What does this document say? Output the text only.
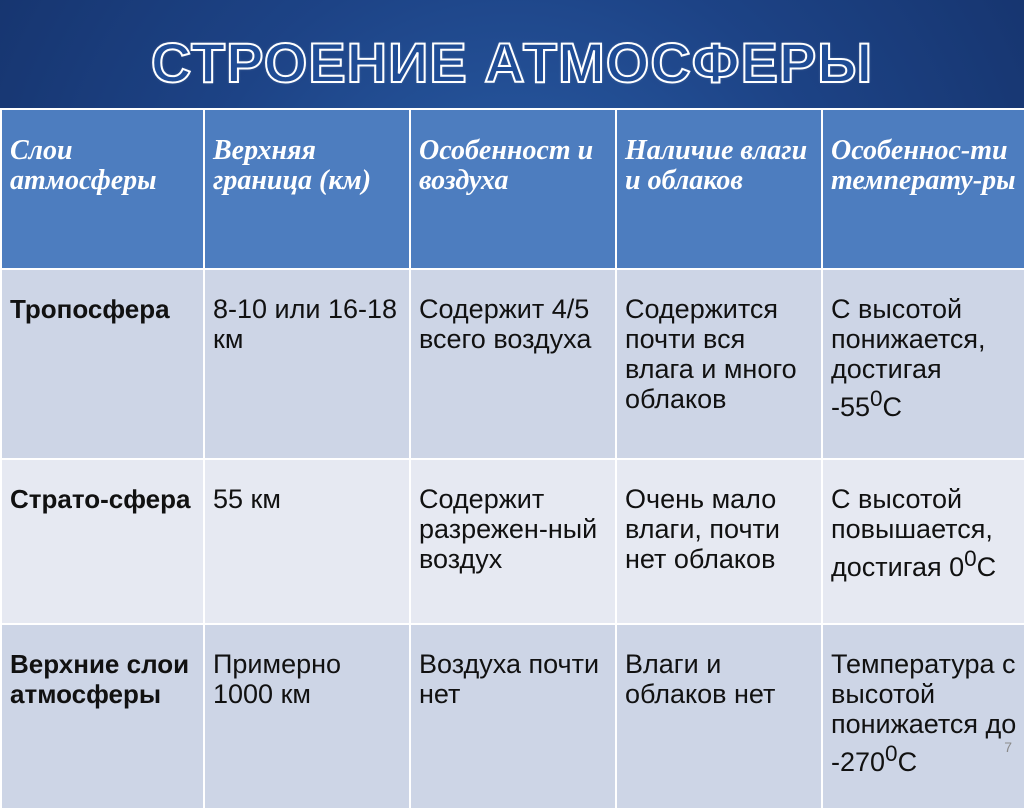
СТРОЕНИЕ АТМОСФЕРЫ
Слои атмосферы	Верхняя граница (км)	Особенност и воздуха	Наличие влаги и облаков	Особеннос-ти температу-ры
Тропосфера	8-10 или 16-18 км	Содержит 4/5 всего воздуха	Содержится почти вся влага и много облаков	С высотой понижается, достигая $-55^0С$
Страто-сфера	55 км	Содержит разрежен-ный воздух	Очень мало влаги, почти нет облаков	С высотой повышается, достигая $0^0С$
Верхние слои атмосферы	Примерно 1000 км	Воздуха почти нет	Влаги и облаков нет	Температура с высотой понижается до $-270^0С$	7
